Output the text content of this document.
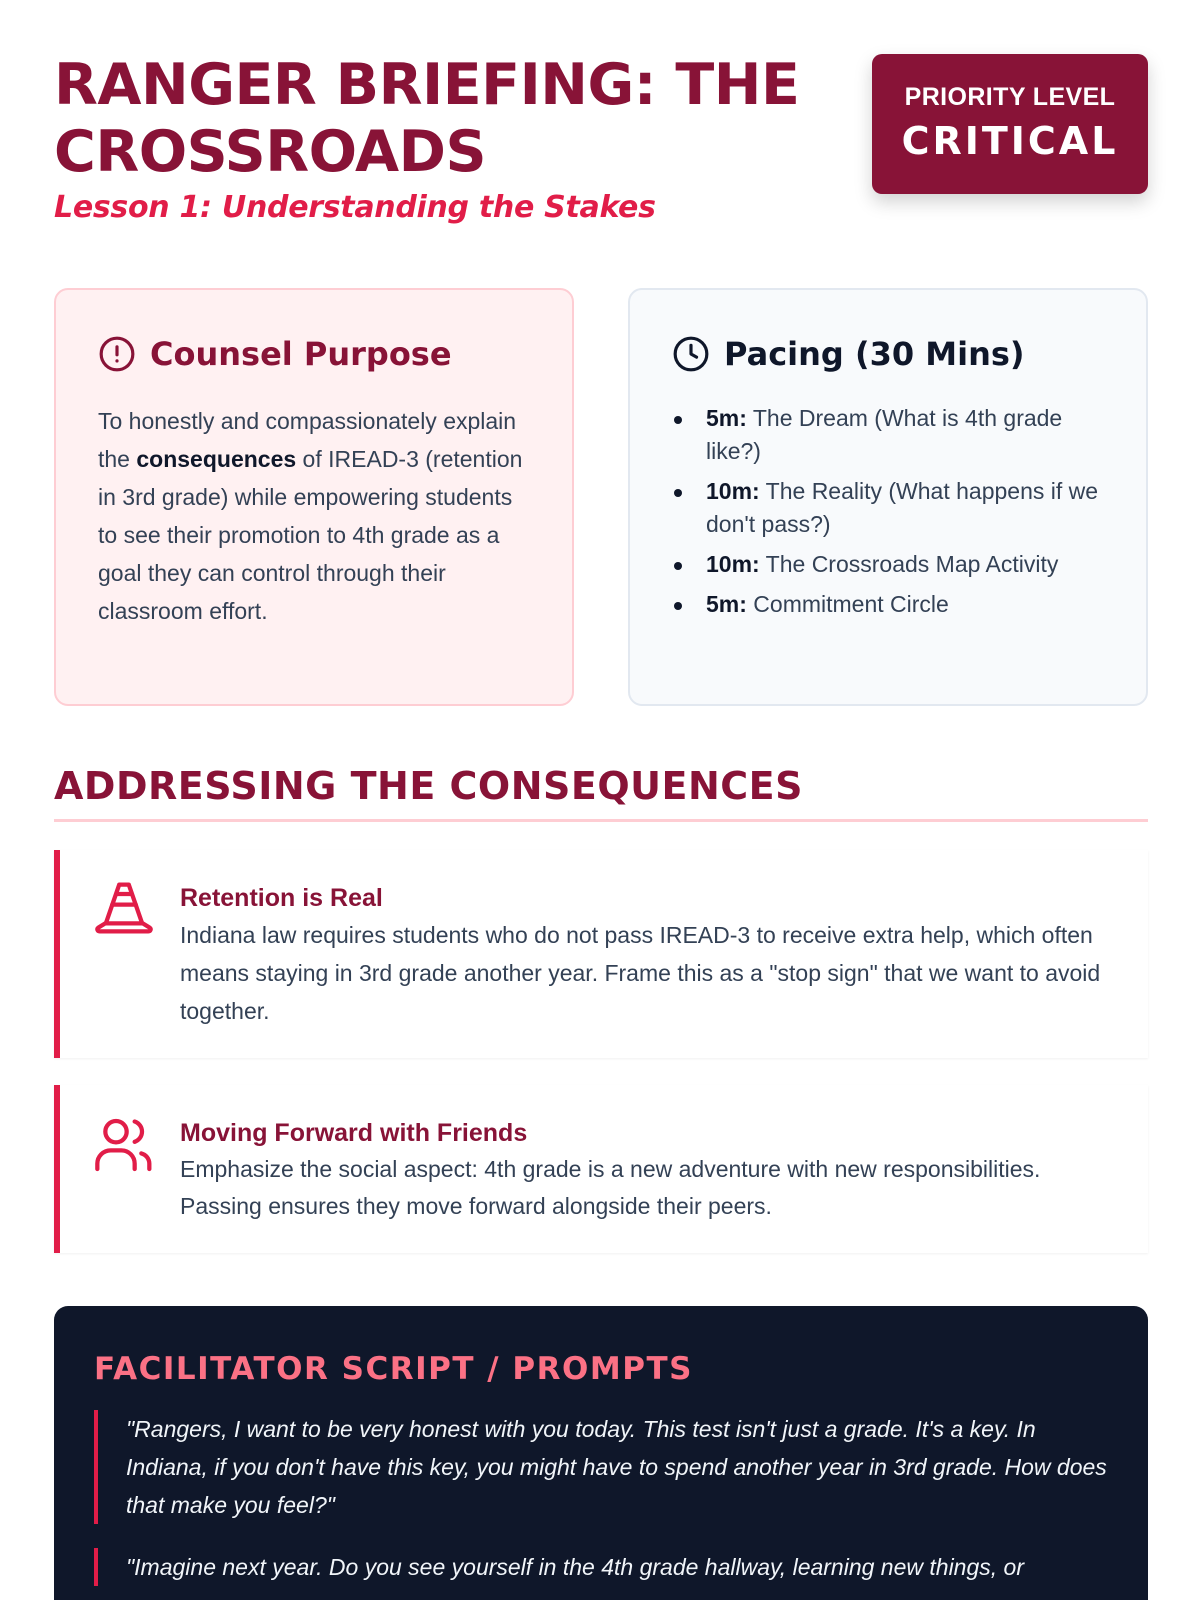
RANGER BRIEFING: THE CROSSROADS
Lesson 1: Understanding the Stakes
PRIORITY LEVEL
CRITICAL
Counsel Purpose

To honestly and compassionately explain the consequences of IREAD-3 (retention in 3rd grade) while empowering students to see their promotion to 4th grade as a goal they can control through their classroom effort.

Pacing (30 Mins)
5m: The Dream (What is 4th grade like?)
10m: The Reality (What happens if we don't pass?)
10m: The Crossroads Map Activity
5m: Commitment Circle
ADDRESSING THE CONSEQUENCES
Retention is Real

Indiana law requires students who do not pass IREAD-3 to receive extra help, which often means staying in 3rd grade another year. Frame this as a "stop sign" that we want to avoid together.

Moving Forward with Friends

Emphasize the social aspect: 4th grade is a new adventure with new responsibilities. Passing ensures they move forward alongside their peers.

FACILITATOR SCRIPT / PROMPTS
"Rangers, I want to be very honest with you today. This test isn't just a grade. It's a key. In Indiana, if you don't have this key, you might have to spend another year in 3rd grade. How does that make you feel?"
"Imagine next year. Do you see yourself in the 4th grade hallway, learning new things, or
